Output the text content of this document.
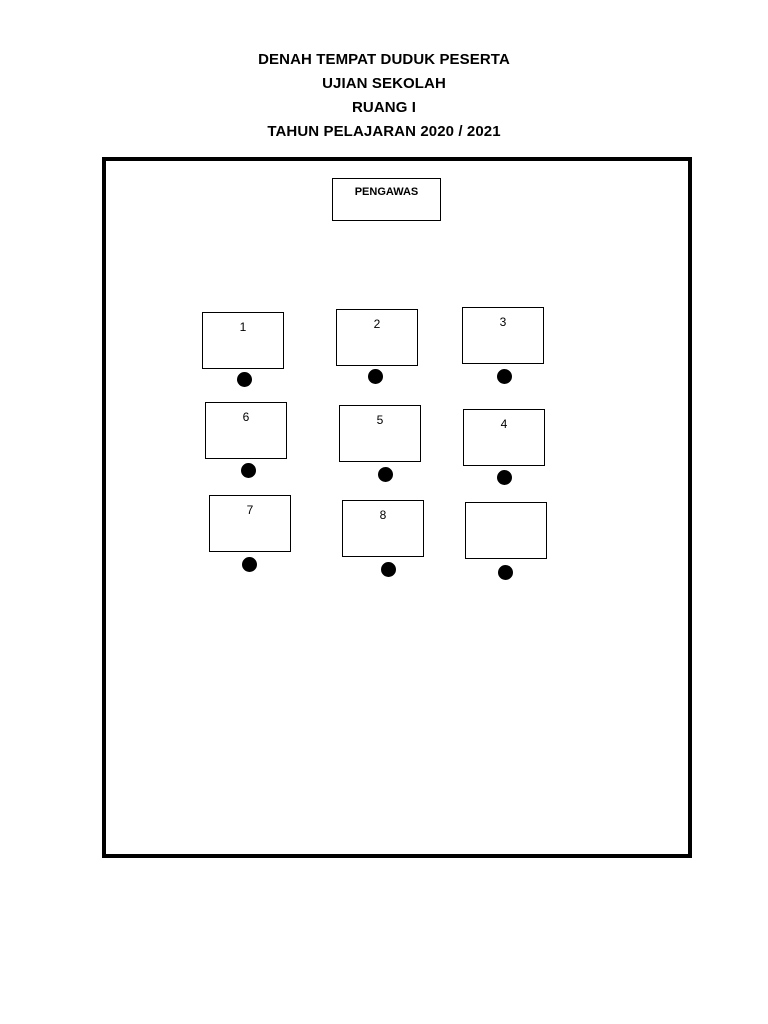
DENAH TEMPAT DUDUK PESERTA
UJIAN SEKOLAH
RUANG I
TAHUN PELAJARAN 2020 / 2021
PENGAWAS
1	2	3
6	5	4
7	8
